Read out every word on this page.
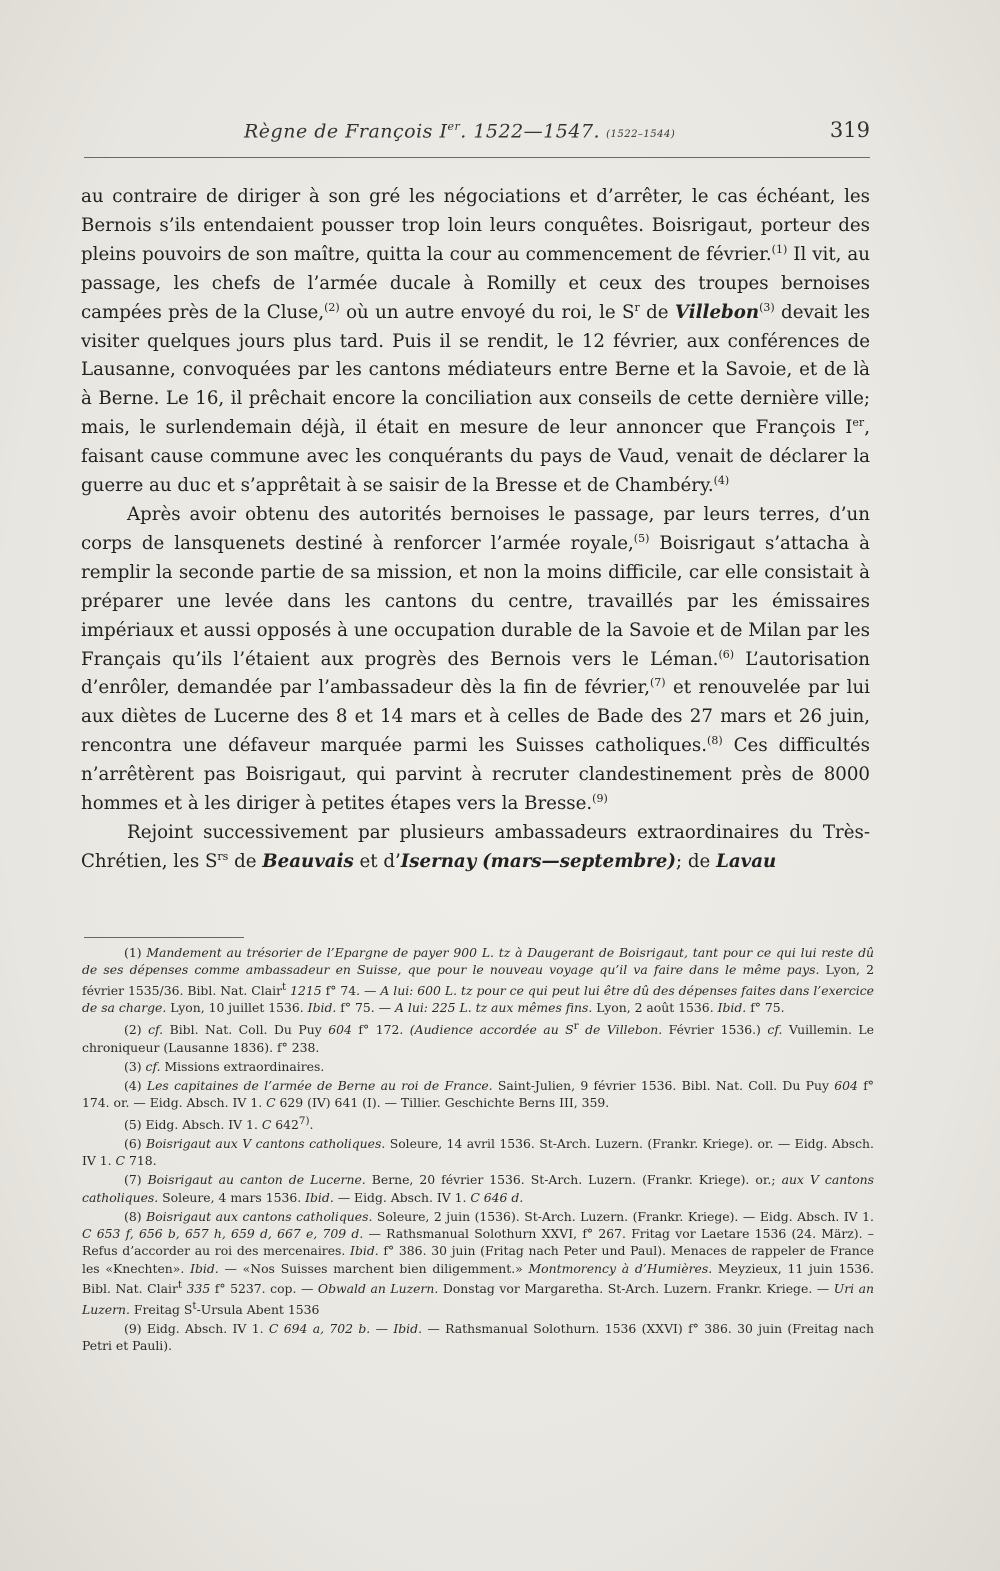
Règne de François Ier. 1522—1547. (1522–1544)	319

au contraire de diriger à son gré les négociations et d’arrêter, le cas échéant, les Bernois s’ils entendaient pousser trop loin leurs conquêtes. Boisrigaut, porteur des pleins pouvoirs de son maître, quitta la cour au commencement de février.$^{(1)}$ Il vit, au passage, les chefs de l’armée ducale à Romilly et ceux des troupes bernoises campées près de la Cluse,$^{(2)}$ où un autre envoyé du roi, le $S^r$ de Villebon$^{(3)}$ devait les visiter quelques jours plus tard. Puis il se rendit, le 12 février, aux conférences de Lausanne, convoquées par les cantons médiateurs entre Berne et la Savoie, et de là à Berne. Le 16, il prêchait encore la conciliation aux conseils de cette dernière ville; mais, le surlendemain déjà, il était en mesure de leur annoncer que François Ier, faisant cause commune avec les conquérants du pays de Vaud, venait de déclarer la guerre au duc et s’apprêtait à se saisir de la Bresse et de Chambéry.$^{(4)}$

Après avoir obtenu des autorités bernoises le passage, par leurs terres, d’un corps de lansquenets destiné à renforcer l’armée royale,$^{(5)}$ Boisrigaut s’attacha à remplir la seconde partie de sa mission, et non la moins difficile, car elle consistait à préparer une levée dans les cantons du centre, travaillés par les émissaires impériaux et aussi opposés à une occupation durable de la Savoie et de Milan par les Français qu’ils l’étaient aux progrès des Bernois vers le Léman.$^{(6)}$ L’autorisation d’enrôler, demandée par l’ambassadeur dès la fin de février,$^{(7)}$ et renouvelée par lui aux diètes de Lucerne des 8 et 14 mars et à celles de Bade des 27 mars et 26 juin, rencontra une défaveur marquée parmi les Suisses catholiques.$^{(8)}$ Ces difficultés n’arrêtèrent pas Boisrigaut, qui parvint à recruter clandestinement près de 8000 hommes et à les diriger à petites étapes vers la Bresse.$^{(9)}$

Rejoint successivement par plusieurs ambassadeurs extraordinaires du Très-Chrétien, les $S^{rs}$ de Beauvais et d’Isernay (mars—septembre); de Lavau

(1) Mandement au trésorier de l’Epargne de payer 900 L. tz à Daugerant de Boisrigaut, tant pour ce qui lui reste dû de ses dépenses comme ambassadeur en Suisse, que pour le nouveau voyage qu’il va faire dans le même pays. Lyon, 2 février 1535/36. Bibl. Nat. Clair$^t$ 1215 f° 74. — A lui: 600 L. tz pour ce qui peut lui être dû des dépenses faites dans l’exercice de sa charge. Lyon, 10 juillet 1536. Ibid. f° 75. — A lui: 225 L. tz aux mêmes fins. Lyon, 2 août 1536. Ibid. f° 75.

(2) cf. Bibl. Nat. Coll. Du Puy 604 f° 172. (Audience accordée au $S^r$ de Villebon. Février 1536.) cf. Vuillemin. Le chroniqueur (Lausanne 1836). f° 238.

(3) cf. Missions extraordinaires.

(4) Les capitaines de l’armée de Berne au roi de France. Saint-Julien, 9 février 1536. Bibl. Nat. Coll. Du Puy 604 f° 174. or. — Eidg. Absch. IV 1. C 629 (IV) 641 (I). — Tillier. Geschichte Berns III, 359.

(5) Eidg. Absch. IV 1. C 642$^{7)}$.

(6) Boisrigaut aux V cantons catholiques. Soleure, 14 avril 1536. St-Arch. Luzern. (Frankr. Kriege). or. — Eidg. Absch. IV 1. C 718.

(7) Boisrigaut au canton de Lucerne. Berne, 20 février 1536. St-Arch. Luzern. (Frankr. Kriege). or.; aux V cantons catholiques. Soleure, 4 mars 1536. Ibid. — Eidg. Absch. IV 1. C 646 d.

(8) Boisrigaut aux cantons catholiques. Soleure, 2 juin (1536). St-Arch. Luzern. (Frankr. Kriege). — Eidg. Absch. IV 1. C 653 f, 656 b, 657 h, 659 d, 667 e, 709 d. — Rathsmanual Solothurn XXVI, f° 267. Fritag vor Laetare 1536 (24. März). – Refus d’accorder au roi des mercenaires. Ibid. f° 386. 30 juin (Fritag nach Peter und Paul). Menaces de rappeler de France les «Knechten». Ibid. — «Nos Suisses marchent bien diligemment.» Montmorency à d’Humières. Meyzieux, 11 juin 1536. Bibl. Nat. Clair$^t$ 335 f° 5237. cop. — Obwald an Luzern. Donstag vor Margaretha. St-Arch. Luzern. Frankr. Kriege. — Uri an Luzern. Freitag $S^t$-Ursula Abent 1536

(9) Eidg. Absch. IV 1. C 694 a, 702 b. — Ibid. — Rathsmanual Solothurn. 1536 (XXVI) f° 386. 30 juin (Freitag nach Petri et Pauli).
